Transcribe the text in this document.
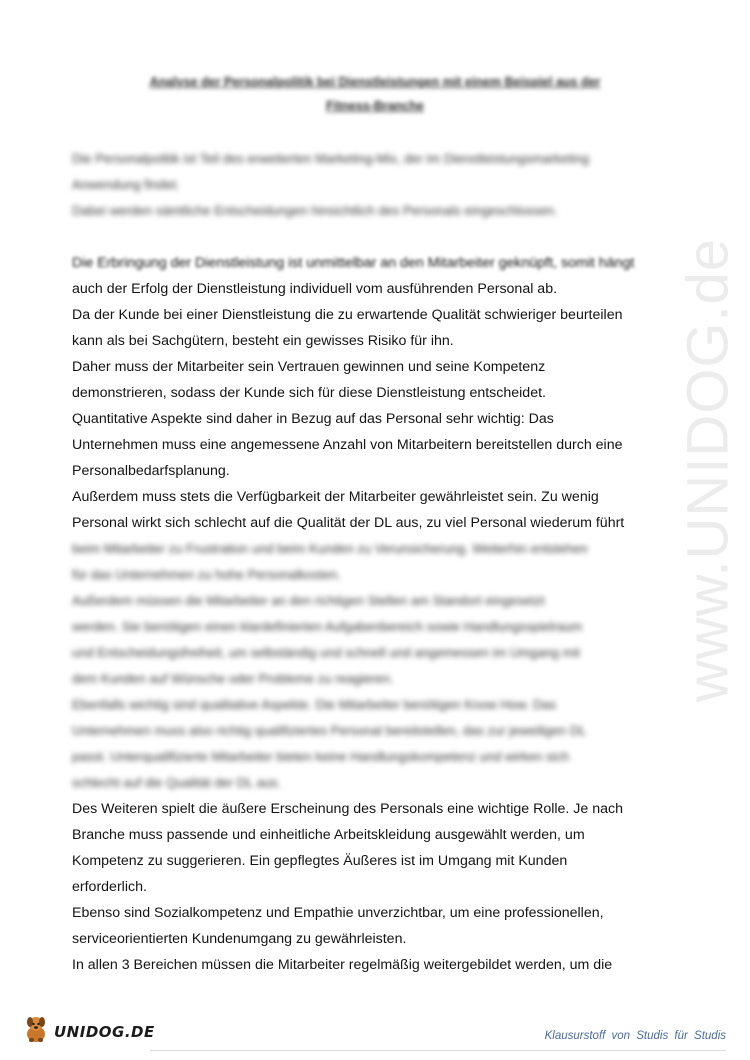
www.UNIDOG.de
Analyse der Personalpolitik bei Dienstleistungen mit einem Beispiel aus der
Fitness-Branche

Die Personalpolitik ist Teil des erweiterten Marketing-Mix, der im Dienstleistungsmarketing

Anwendung findet.

Dabei werden sämtliche Entscheidungen hinsichtlich des Personals eingeschlossen.

Die Erbringung der Dienstleistung ist unmittelbar an den Mitarbeiter geknüpft, somit hängt

auch der Erfolg der Dienstleistung individuell vom ausführenden Personal ab.

Da der Kunde bei einer Dienstleistung die zu erwartende Qualität schwieriger beurteilen

kann als bei Sachgütern, besteht ein gewisses Risiko für ihn.

Daher muss der Mitarbeiter sein Vertrauen gewinnen und seine Kompetenz

demonstrieren, sodass der Kunde sich für diese Dienstleistung entscheidet.

Quantitative Aspekte sind daher in Bezug auf das Personal sehr wichtig: Das

Unternehmen muss eine angemessene Anzahl von Mitarbeitern bereitstellen durch eine

Personalbedarfsplanung.

Außerdem muss stets die Verfügbarkeit der Mitarbeiter gewährleistet sein. Zu wenig

Personal wirkt sich schlecht auf die Qualität der DL aus, zu viel Personal wiederum führt

beim Mitarbeiter zu Frustration und beim Kunden zu Verunsicherung. Weiterhin entstehen

für das Unternehmen zu hohe Personalkosten.

Außerdem müssen die Mitarbeiter an den richtigen Stellen am Standort eingesetzt

werden. Sie benötigen einen klardefinierten Aufgabenbereich sowie Handlungsspielraum

und Entscheidungsfreiheit, um selbständig und schnell und angemessen im Umgang mit

dem Kunden auf Wünsche oder Probleme zu reagieren.

Ebenfalls wichtig sind qualitative Aspekte. Die Mitarbeiter benötigen Know How. Das

Unternehmen muss also richtig qualifiziertes Personal bereitstellen, das zur jeweiligen DL

passt. Unterqualifizierte Mitarbeiter bieten keine Handlungskompetenz und wirken sich

schlecht auf die Qualität der DL aus.

Des Weiteren spielt die äußere Erscheinung des Personals eine wichtige Rolle. Je nach

Branche muss passende und einheitliche Arbeitskleidung ausgewählt werden, um

Kompetenz zu suggerieren. Ein gepflegtes Äußeres ist im Umgang mit Kunden

erforderlich.

Ebenso sind Sozialkompetenz und Empathie unverzichtbar, um eine professionellen,

serviceorientierten Kundenumgang zu gewährleisten.

In allen 3 Bereichen müssen die Mitarbeiter regelmäßig weitergebildet werden, um die

UNIDOG.DE	Klausurstoff von Studis für Studis
